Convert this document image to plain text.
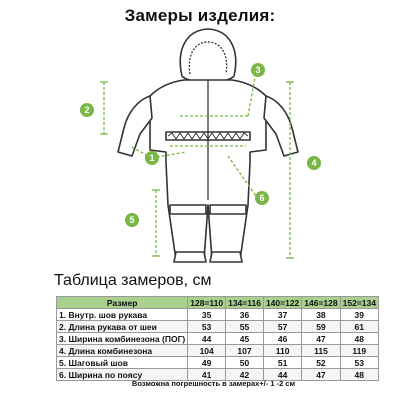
Замеры изделия:
1
2
3
4
5
6
Таблица замеров, см
Размер	128=110	134=116	140=122	146=128	152=134
1. Внутр. шов рукава	35	36	37	38	39
2. Длина рукава от шеи	53	55	57	59	61
3. Ширина комбинезона (ПОГ)	44	45	46	47	48
4. Длина комбинезона	104	107	110	115	119
5. Шаговый шов	49	50	51	52	53
6. Ширина по поясу	41	42	44	47	48
Возможна погрешность в замерах+/- 1 -2 см
